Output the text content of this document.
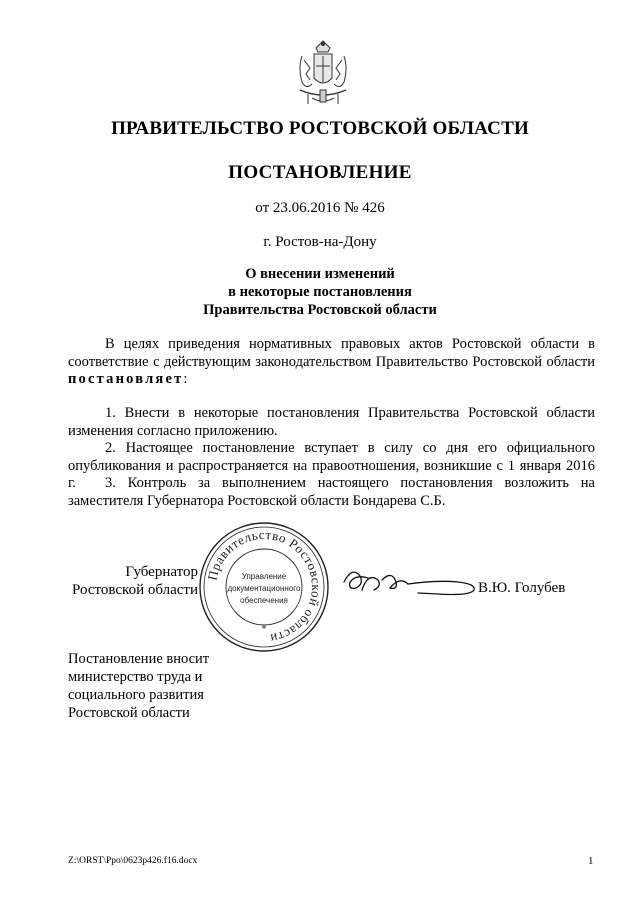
ПРАВИТЕЛЬСТВО РОСТОВСКОЙ ОБЛАСТИ
ПОСТАНОВЛЕНИЕ
от 23.06.2016 № 426
г. Ростов-на-Дону
О внесении изменений
в некоторые постановления
Правительства Ростовской области
В целях приведения нормативных правовых актов Ростовской области в соответствие с действующим законодательством Правительство Ростовской области постановляет:
1. Внести в некоторые постановления Правительства Ростовской области изменения согласно приложению.
2. Настоящее постановление вступает в силу со дня его официального опубликования и распространяется на правоотношения, возникшие с 1 января 2016 г.	3. Контроль за выполнением настоящего постановления возложить на заместителя Губернатора Ростовской области Бондарева С.Б.
Губернатор
Ростовской области
Правительство Ростовской области
*
Управление
документационного
обеспечения
В.Ю. Голубев
Постановление вносит министерство труда и социального развития Ростовской области
Z:\ORST\Ppo\0623p426.f16.docx	1
